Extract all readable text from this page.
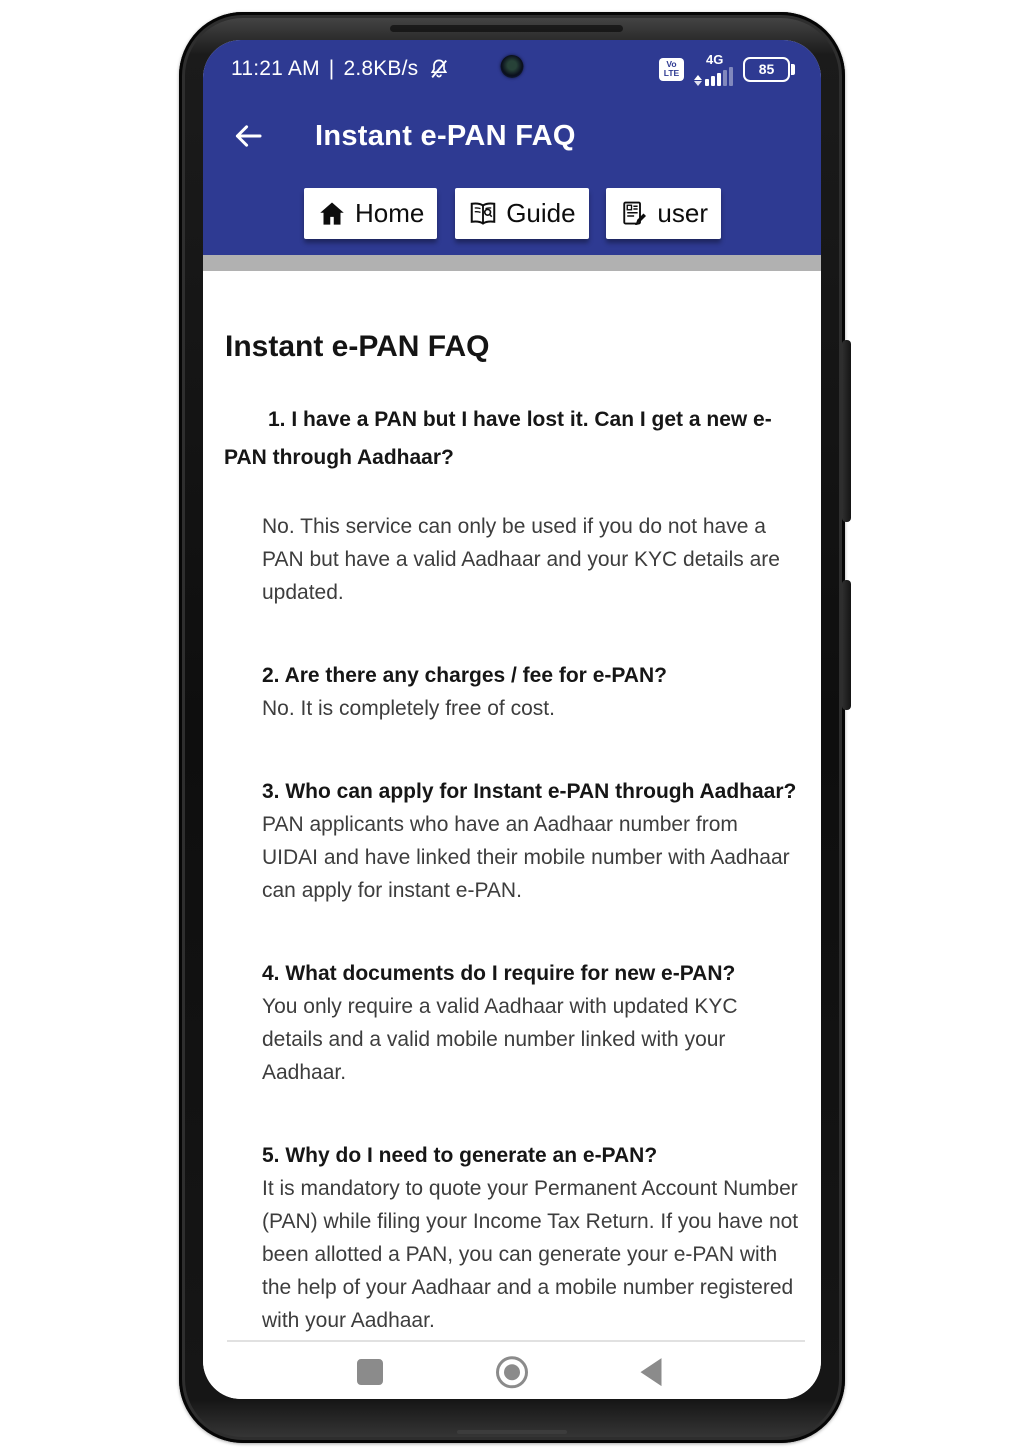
11:21 AM | 2.8KB/s	Vo
LTE
4G
85
Instant e-PAN FAQ
Home	Guide	user
Instant e-PAN FAQ
1. I have a PAN but I have lost it. Can I get a new e-PAN through Aadhaar?
No. This service can only be used if you do not have a PAN but have a valid Aadhaar and your KYC details are updated.
2. Are there any charges / fee for e-PAN?
No. It is completely free of cost.
3. Who can apply for Instant e-PAN through Aadhaar?
PAN applicants who have an Aadhaar number from UIDAI and have linked their mobile number with Aadhaar can apply for instant e-PAN.
4. What documents do I require for new e-PAN?
You only require a valid Aadhaar with updated KYC details and a valid mobile number linked with your Aadhaar.
5. Why do I need to generate an e-PAN?
It is mandatory to quote your Permanent Account Number (PAN) while filing your Income Tax Return. If you have not been allotted a PAN, you can generate your e-PAN with the help of your Aadhaar and a mobile number registered with your Aadhaar.
